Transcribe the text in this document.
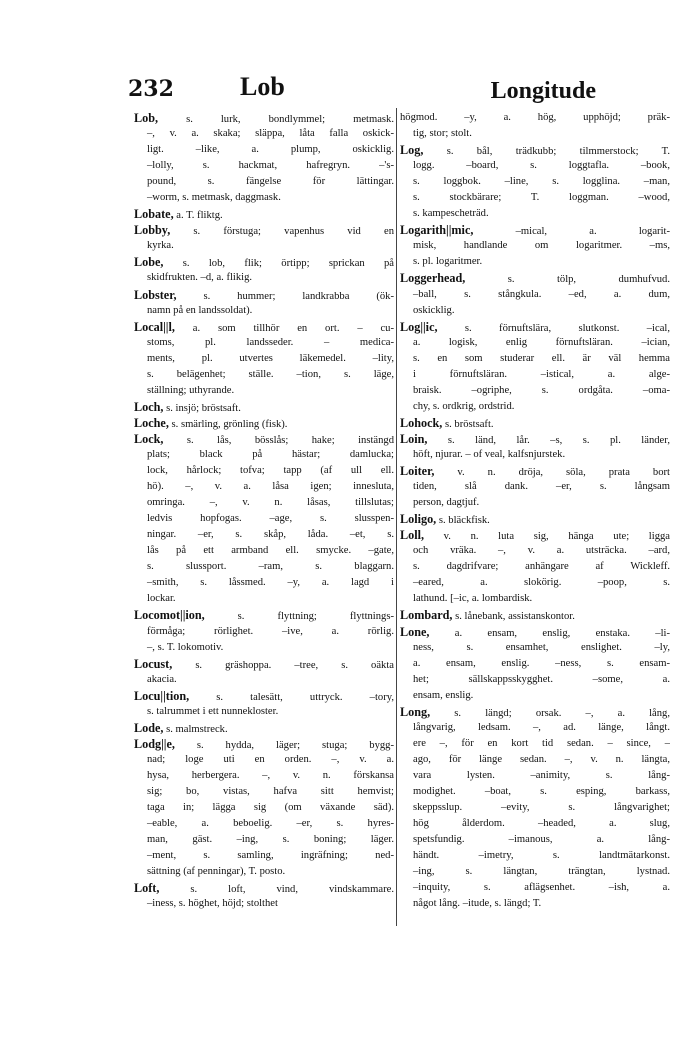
232	Lob	Longitude
Lob, s. lurk, bondlymmel; metmask.
–, v. a. skaka; släppa, låta falla oskick-
ligt. –like, a. plump, oskicklig.
–lolly, s. hackmat, hafregryn. –'s-
pound, s. fängelse för lättingar.
–worm, s. metmask, daggmask.
Lobate, a. T. fliktg.
Lobby, s. förstuga; vapenhus vid en
kyrka.
Lobe, s. lob, flik; örtipp; sprickan på
skidfrukten. –d, a. flikig.
Lobster, s. hummer; landkrabba (ök-
namn på en landssoldat).
Local||l, a. som tillhör en ort. – cu-
stoms, pl. landsseder. – medica-
ments, pl. utvertes läkemedel. –lity,
s. belägenhet; ställe. –tion, s. läge,
ställning; uthyrande.
Loch, s. insjö; bröstsaft.
Loche, s. smärling, grönling (fisk).
Lock, s. lås, bösslås; hake; instängd
plats; black på hästar; damlucka;
lock, hårlock; tofva; tapp (af ull ell.
hö). –, v. a. låsa igen; innesluta,
omringa. –, v. n. låsas, tillslutas;
ledvis hopfogas. –age, s. slusspen-
ningar. –er, s. skåp, låda. –et, s.
lås på ett armband ell. smycke. –gate,
s. slussport. –ram, s. blaggarn.
–smith, s. låssmed. –y, a. lagd i
lockar.
Locomot||ion, s. flyttning; flyttnings-
förmåga; rörlighet. –ive, a. rörlig.
–, s. T. lokomotiv.
Locust, s. gräshoppa. –tree, s. oäkta
akacia.
Locu||tion, s. talesätt, uttryck. –tory,
s. talrummet i ett nunnekloster.
Lode, s. malmstreck.
Lodg||e, s. hydda, läger; stuga; bygg-
nad; loge uti en orden. –, v. a.
hysa, herbergera. –, v. n. förskansa
sig; bo, vistas, hafva sitt hemvist;
taga in; lägga sig (om växande säd).
–eable, a. beboelig. –er, s. hyres-
man, gäst. –ing, s. boning; läger.
–ment, s. samling, ingräfning; ned-
sättning (af penningar), T. posto.
Loft, s. loft, vind, vindskammare.
–iness, s. höghet, höjd; stolthet
högmod. –y, a. hög, upphöjd; präk-
tig, stor; stolt.
Log, s. bål, trädkubb; tilmmerstock; T.
logg. –board, s. loggtafla. –book,
s. loggbok. –line, s. logglina. –man,
s. stockbärare; T. loggman. –wood,
s. kampescheträd.
Logarith||mic, –mical, a. logarit-
misk, handlande om logaritmer. –ms,
s. pl. logaritmer.
Loggerhead, s. tölp, dumhufvud.
–ball, s. stångkula. –ed, a. dum,
oskicklig.
Log||ic, s. förnuftslära, slutkonst. –ical,
a. logisk, enlig förnuftsläran. –ician,
s. en som studerar ell. är väl hemma
i förnuftsläran. –istical, a. alge-
braisk. –ogriphe, s. ordgåta. –oma-
chy, s. ordkrig, ordstrid.
Lohock, s. bröstsaft.
Loin, s. länd, lår. –s, s. pl. länder,
höft, njurar. – of veal, kalfsnjurstek.
Loiter, v. n. dröja, söla, prata bort
tiden, slå dank. –er, s. långsam
person, dagtjuf.
Loligo, s. bläckfisk.
Loll, v. n. luta sig, hänga ute; ligga
och vräka. –, v. a. utsträcka. –ard,
s. dagdrifvare; anhängare af Wickleff.
–eared, a. slokörig. –poop, s.
lathund. [–ic, a. lombardisk.
Lombard, s. lånebank, assistanskontor.
Lone, a. ensam, enslig, enstaka. –li-
ness, s. ensamhet, enslighet. –ly,
a. ensam, enslig. –ness, s. ensam-
het; sällskappsskygghet. –some, a.
ensam, enslig.
Long, s. längd; orsak. –, a. lång,
långvarig, ledsam. –, ad. länge, långt.
ere –, för en kort tid sedan. – since, –
ago, för länge sedan. –, v. n. längta,
vara lysten. –animity, s. lång-
modighet. –boat, s. esping, barkass,
skeppsslup. –evity, s. långvarighet;
hög ålderdom. –headed, a. slug,
spetsfundig. –imanous, a. lång-
händt. –imetry, s. landtmätarkonst.
–ing, s. längtan, trängtan, lystnad.
–inquity, s. aflägsenhet. –ish, a.
något lång. –itude, s. längd; T.
